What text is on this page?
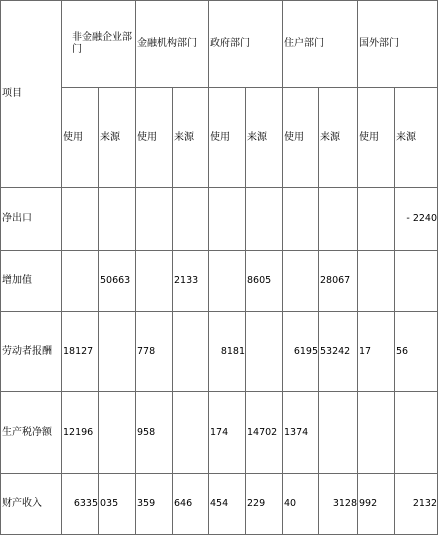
项目	非金融企业部门		金融机构部门		政府部门		住户部门		国外部门	
	使用	来源	使用	来源	使用	来源	使用	来源	使用	来源
净出口										- 2240
增加值		50663		2133		8605		28067		
劳动者报酬	18127		778		8181		6195	53242	17	56
生产税净额	12196		958		174	14702	1374			
财产收入	6335	035	359	646	454	229	40	3128	992	2132
